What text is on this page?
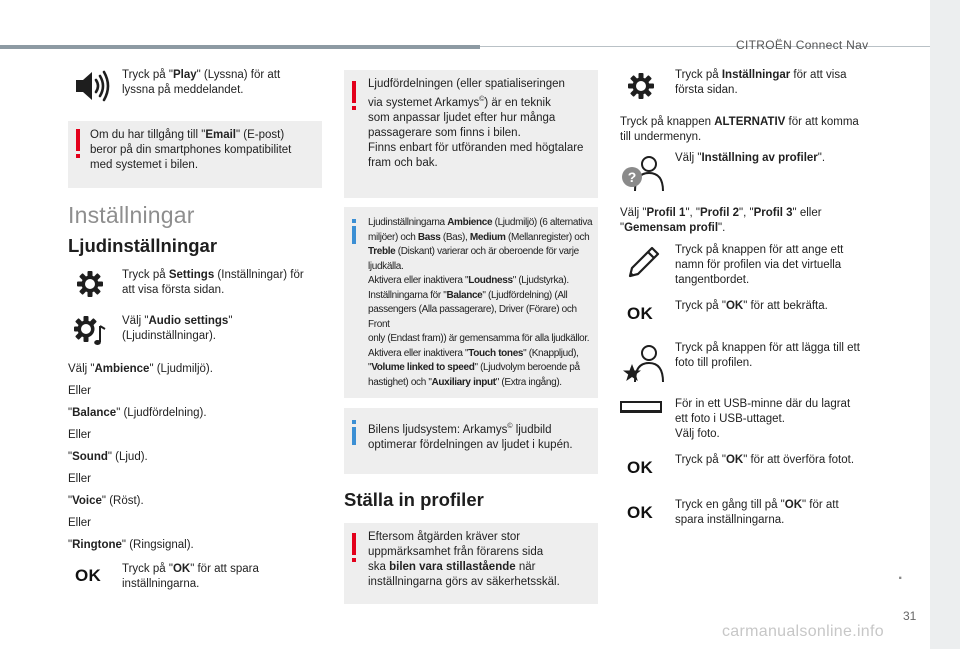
CITROËN Connect Nav
.
31
carmanualsonline.info
Tryck på "Play" (Lyssna) för att
lyssna på meddelandet.
Om du har tillgång till "Email" (E-post)
beror på din smartphones kompatibilitet
med systemet i bilen.
Inställningar
Ljudinställningar
Tryck på Settings (Inställningar) för
att visa första sidan.
Välj "Audio settings"
(Ljudinställningar).
Välj "Ambience" (Ljudmiljö).
Eller
"Balance" (Ljudfördelning).
Eller
"Sound" (Ljud).
Eller
"Voice" (Röst).
Eller
"Ringtone" (Ringsignal).
OK Tryck på "OK" för att spara
inställningarna.
Ljudfördelningen (eller spatialiseringen
via systemet Arkamys©) är en teknik
som anpassar ljudet efter hur många
passagerare som finns i bilen.
Finns enbart för utföranden med högtalare
fram och bak.
Ljudinställningarna Ambience (Ljudmiljö) (6 alternativa
miljöer) och Bass (Bas), Medium (Mellanregister) och
Treble (Diskant) varierar och är oberoende för varje
ljudkälla.
Aktivera eller inaktivera "Loudness" (Ljudstyrka).
Inställningarna för "Balance" (Ljudfördelning) (All
passengers (Alla passagerare), Driver (Förare) och Front
only (Endast fram)) är gemensamma för alla ljudkällor.
Aktivera eller inaktivera "Touch tones" (Knappljud),
"Volume linked to speed" (Ljudvolym beroende på
hastighet) och "Auxiliary input" (Extra ingång).
Bilens ljudsystem: Arkamys© ljudbild
optimerar fördelningen av ljudet i kupén.
Ställa in profiler
Eftersom åtgärden kräver stor
uppmärksamhet från förarens sida
ska bilen vara stillastående när
inställningarna görs av säkerhetsskäl.
Tryck på Inställningar för att visa
första sidan.
Tryck på knappen ALTERNATIV för att komma
till undermenyn.
?
Välj "Inställning av profiler".
Välj "Profil 1", "Profil 2", "Profil 3" eller
"Gemensam profil".
Tryck på knappen för att ange ett
namn för profilen via det virtuella
tangentbordet.
OK Tryck på "OK" för att bekräfta.
Tryck på knappen för att lägga till ett
foto till profilen.
För in ett USB-minne där du lagrat
ett foto i USB-uttaget.
Välj foto.
OK Tryck på "OK" för att överföra fotot.
OK Tryck en gång till på "OK" för att
spara inställningarna.
